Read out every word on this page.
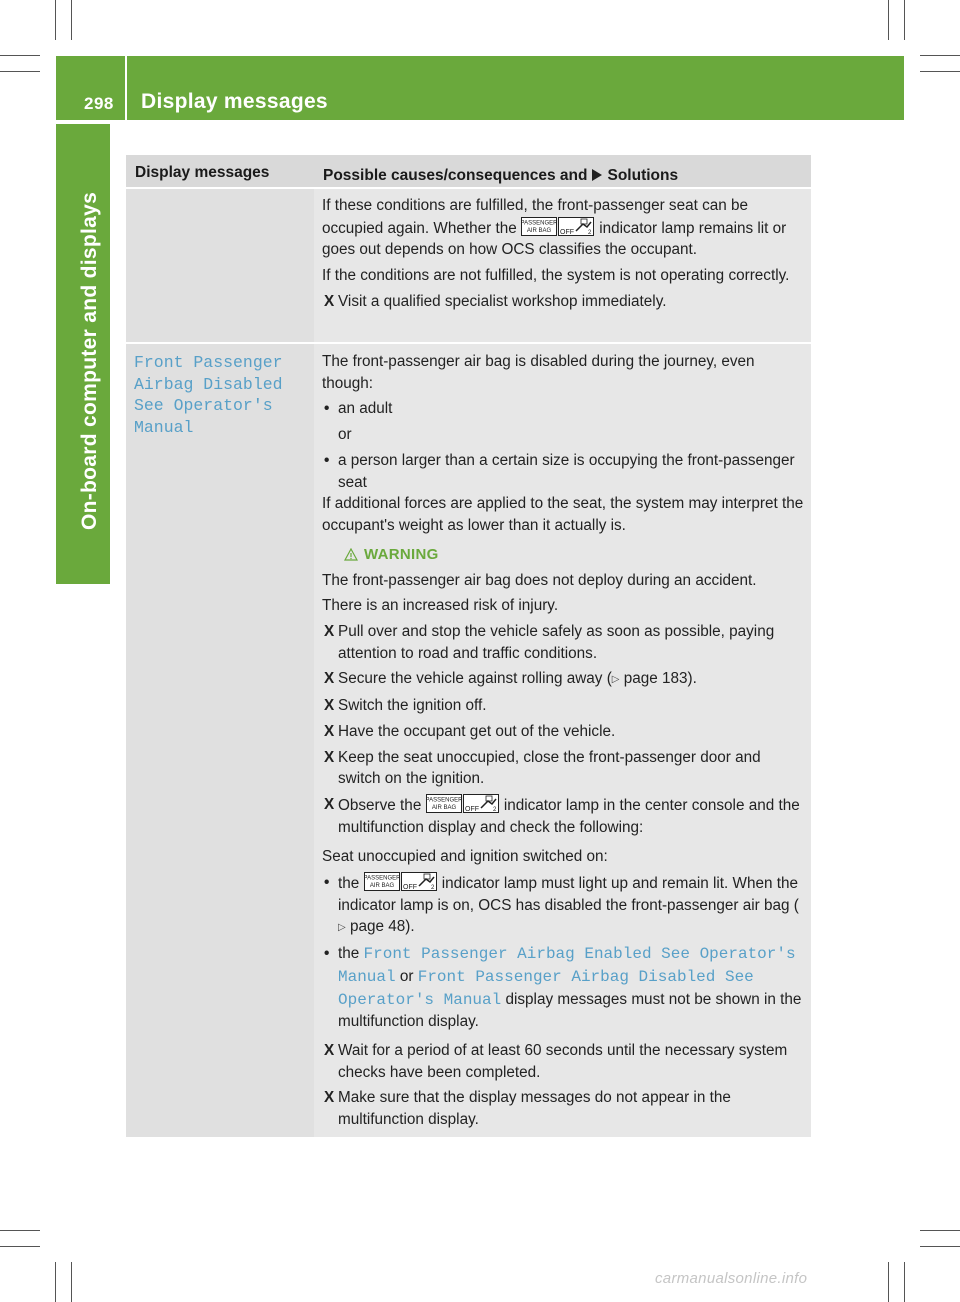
298 Display messages
On-board computer and displays
Display messages	Possible causes/consequences and Solutions

If these conditions are fulfilled, the front-passenger seat can be occupied again. Whether the PASSENGER
AIR BAG OFF 2 indicator lamp remains lit or goes out depends on how OCS classifies the occupant.

If the conditions are not fulfilled, the system is not operating correctly.

X Visit a qualified specialist workshop immediately.
Front Passenger
Airbag Disabled
See Operator's
Manual

The front-passenger air bag is disabled during the journey, even though:

• an adult
or
• a person larger than a certain size is occupying the front-passenger seat

If additional forces are applied to the seat, the system may interpret the occupant's weight as lower than it actually is.

WARNING

The front-passenger air bag does not deploy during an accident.

There is an increased risk of injury.

X Pull over and stop the vehicle safely as soon as possible, paying attention to road and traffic conditions.
X Secure the vehicle against rolling away (▷ page 183).
X Switch the ignition off.
X Have the occupant get out of the vehicle.
X Keep the seat unoccupied, close the front-passenger door and switch on the ignition.
X Observe the PASSENGER
AIR BAG OFF 2 indicator lamp in the center console and the multifunction display and check the following:

Seat unoccupied and ignition switched on:

• the PASSENGER
AIR BAG OFF 2 indicator lamp must light up and remain lit. When the indicator lamp is on, OCS has disabled the front-passenger air bag (▷ page 48).
• the Front Passenger Airbag Enabled See Operator's Manual or Front Passenger Airbag Disabled See Operator's Manual display messages must not be shown in the multifunction display.
X Wait for a period of at least 60 seconds until the necessary system checks have been completed.
X Make sure that the display messages do not appear in the multifunction display.
carmanualsonline.info
